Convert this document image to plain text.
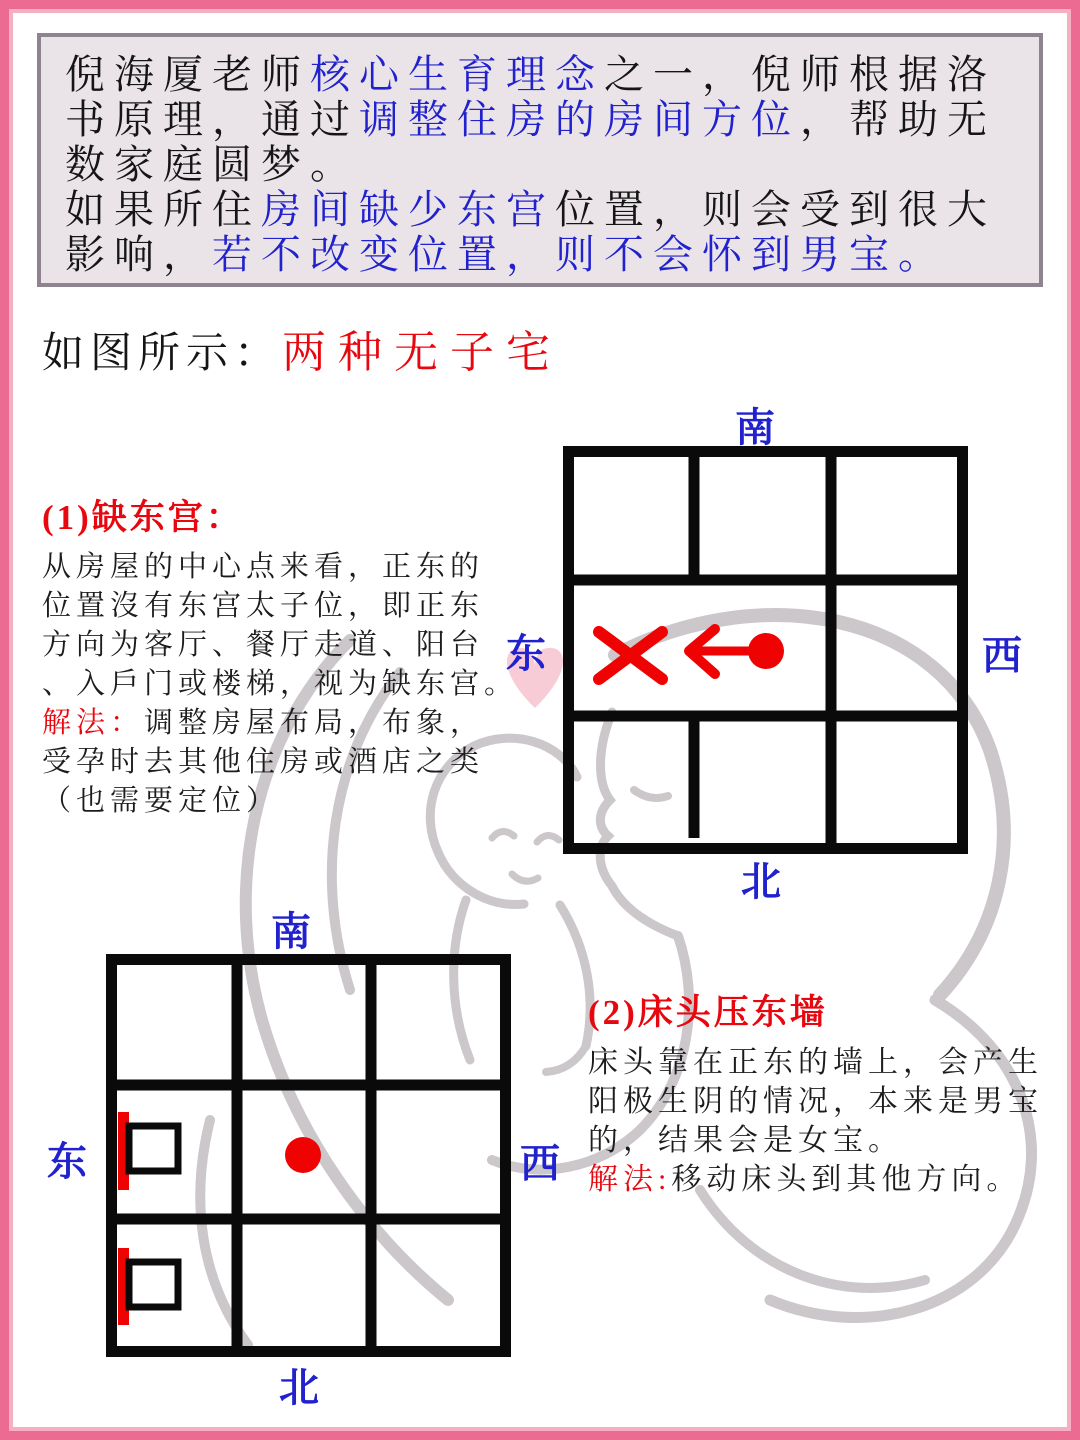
倪海厦老师核心生育理念之一，倪师根据洛
书原理，通过调整住房的房间方位，帮助无
数家庭圆梦。
如果所住房间缺少东宫位置，则会受到很大
影响，若不改变位置，则不会怀到男宝。
如图所示：两种无子宅
(1)缺东宫：
从房屋的中心点来看，正东的
位置沒有东宫太子位，即正东
方向为客厅、餐厅走道、阳台
、入戶门或楼梯，视为缺东宫。
解法：调整房屋布局，布象，
受孕时去其他住房或酒店之类
（也需要定位）
(2)床头压东墙
床头靠在正东的墙上，会产生
阳极生阴的情况，本来是男宝
的，结果会是女宝。
解法:移动床头到其他方向。
南
北
东	西
南
北
东	西
